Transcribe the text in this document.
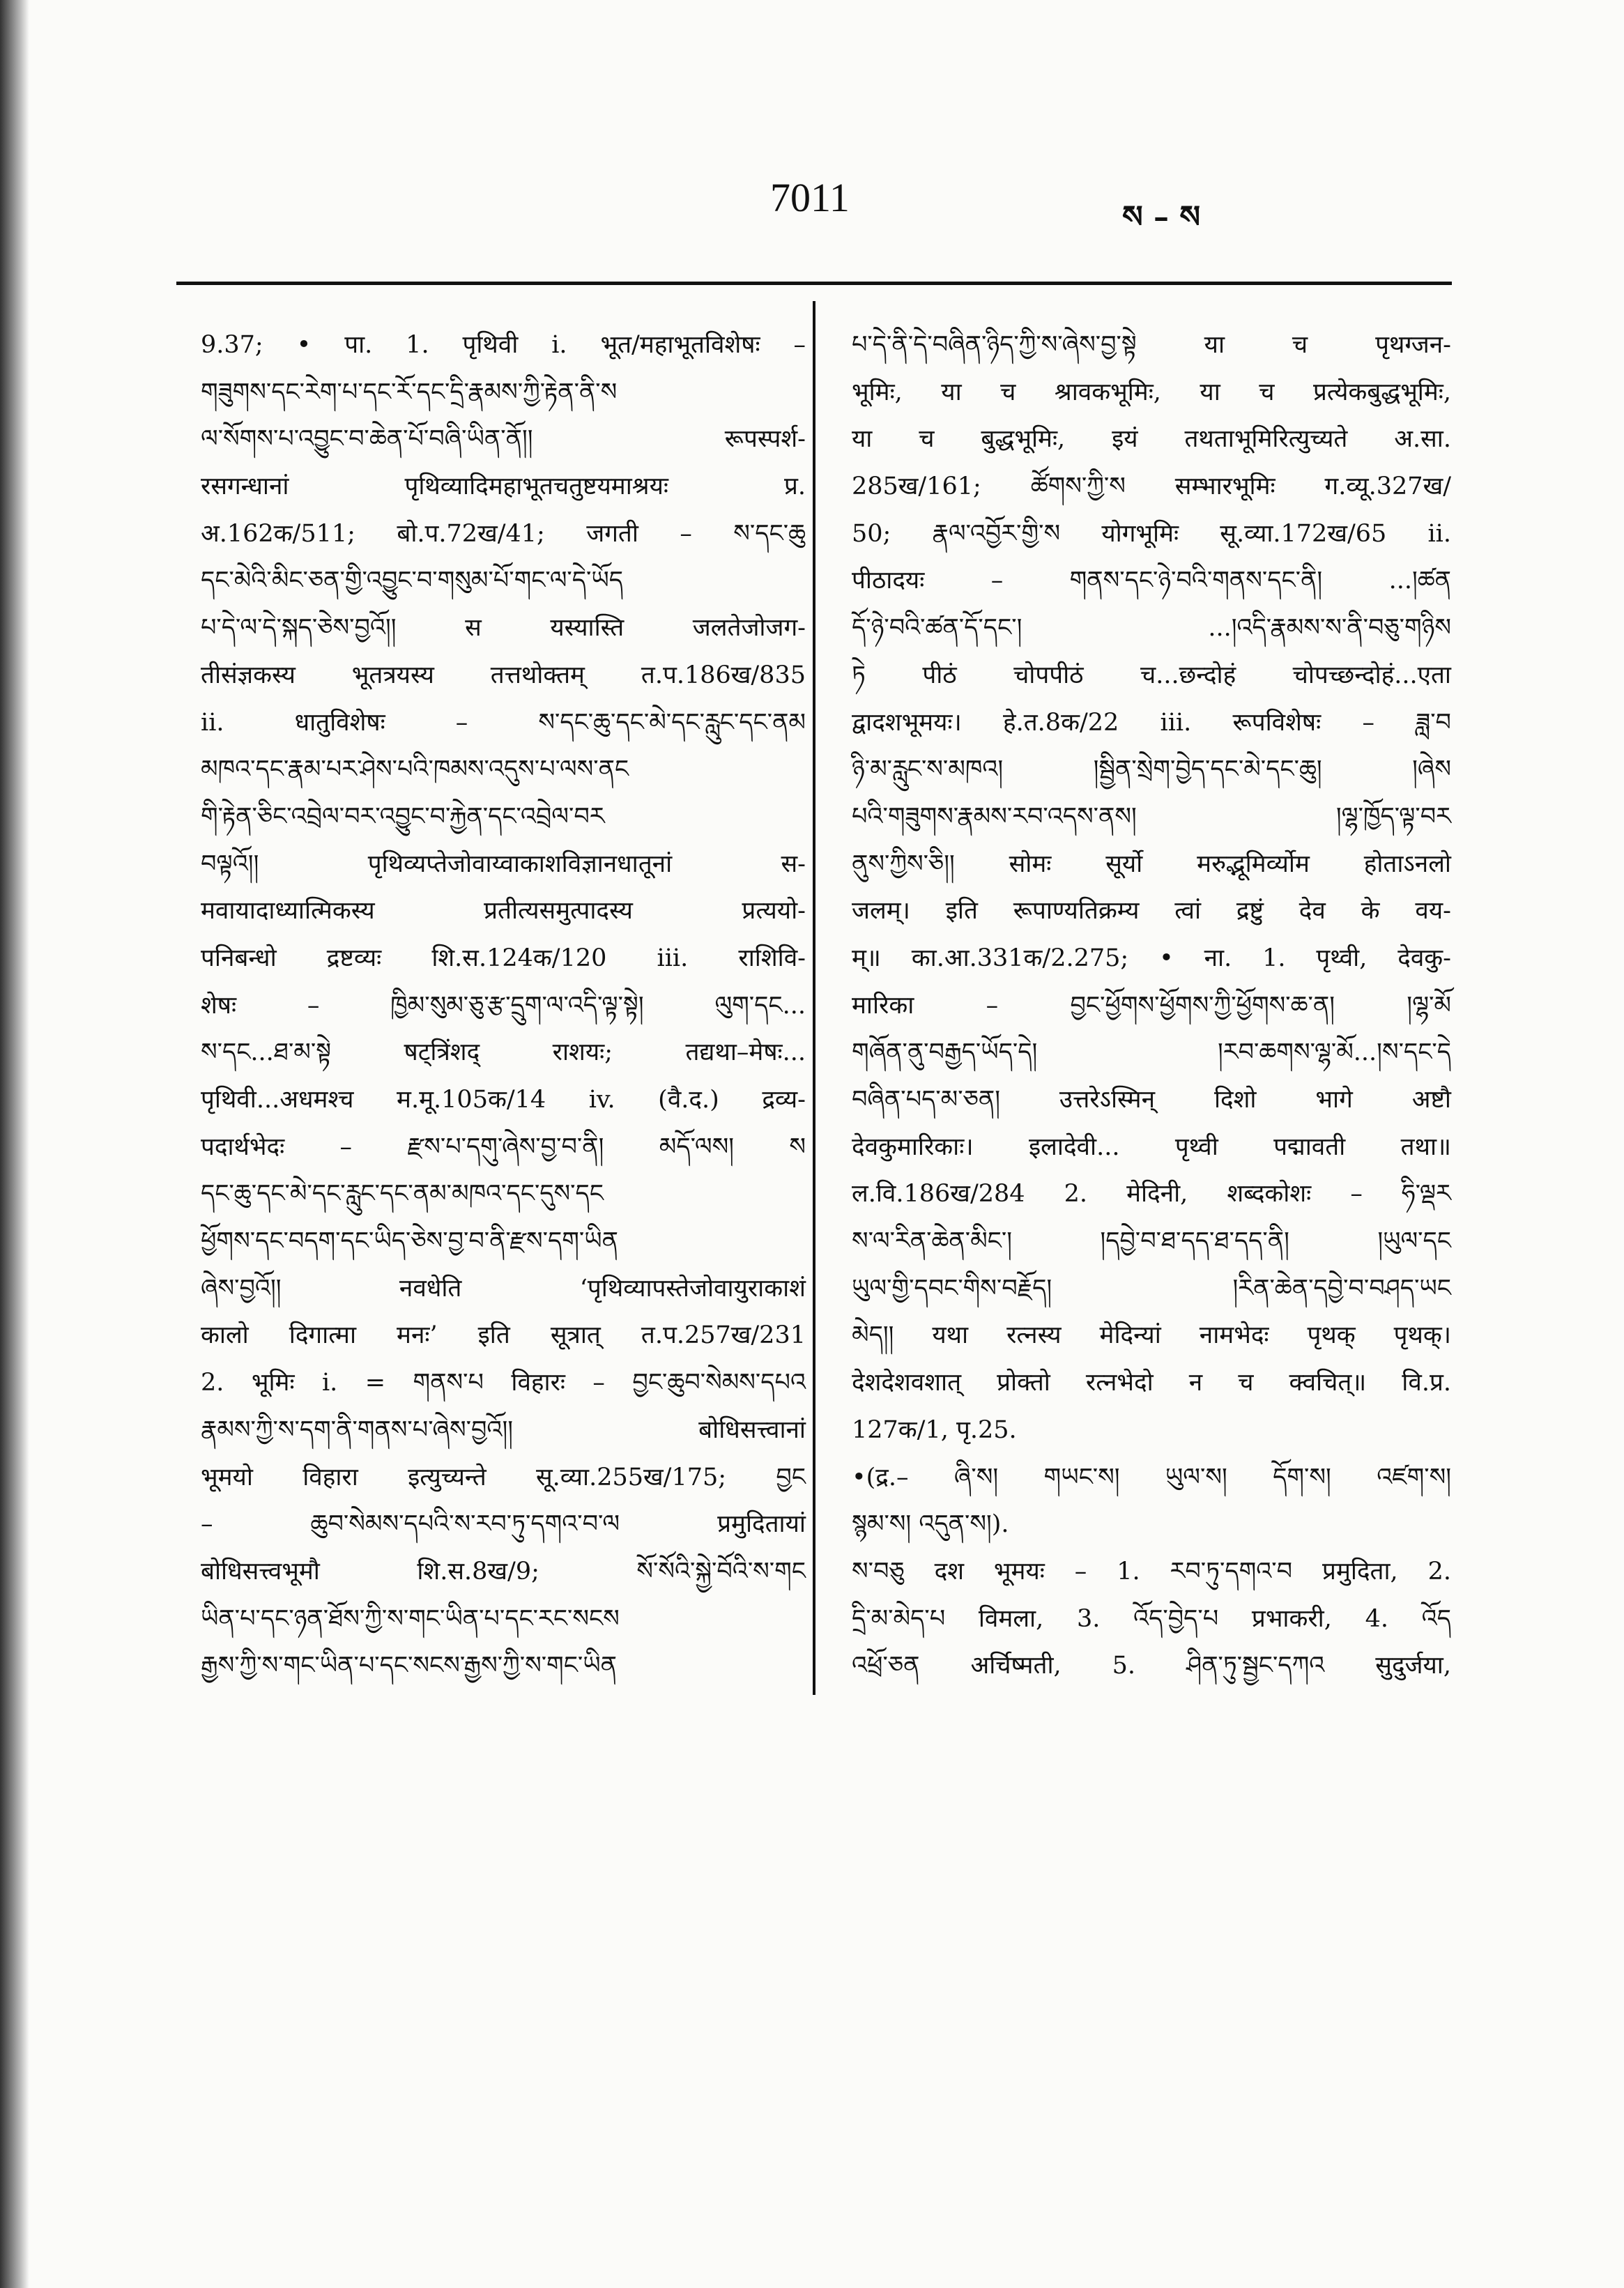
7011	ས – ས
9.37; • पा. 1. पृथिवी i. भूत/महाभूतविशेषः –
གཟུགས་དང་རེག་པ་དང་རོ་དང་དྲི་རྣམས་ཀྱི་རྟེན་ནི་ས
ལ་སོགས་པ་འབྱུང་བ་ཆེན་པོ་བཞི་ཡིན་ནོ།། रूपस्पर्श-
रसगन्धानां पृथिव्यादिमहाभूतचतुष्टयमाश्रयः प्र.
अ.162क/511; बो.प.72ख/41; जगती – ས་དང་ཆུ
དང་མེའི་མིང་ཅན་གྱི་འབྱུང་བ་གསུམ་པོ་གང་ལ་དེ་ཡོད
པ་དེ་ལ་དེ་སྐད་ཅེས་བྱའོ།། स यस्यास्ति जलतेजोजग-
तीसंज्ञकस्य भूतत्रयस्य तत्तथोक्तम् त.प.186ख/835
ii. धातुविशेषः – ས་དང་ཆུ་དང་མེ་དང་རླུང་དང་ནམ
མཁའ་དང་རྣམ་པར་ཤེས་པའི་ཁམས་འདུས་པ་ལས་ནང
གི་རྟེན་ཅིང་འབྲེལ་བར་འབྱུང་བ་རྐྱེན་དང་འབྲེལ་བར
བལྟའོ།། पृथिव्यप्तेजोवाय्वाकाशविज्ञानधातूनां स-
मवायादाध्यात्मिकस्य प्रतीत्यसमुत्पादस्य प्रत्ययो-
पनिबन्धो द्रष्टव्यः शि.स.124क/120 iii. राशिवि-
शेषः – ཁྱིམ་སུམ་ཅུ་རྩ་དྲུག་ལ་འདི་ལྟ་སྟེ། ལུག་དང...
ས་དང...ཐ་མ་སྟེ षट्त्रिंशद् राशयः; तद्यथा–मेषः...
पृथिवी...अधमश्च म.मू.105क/14 iv. (वै.द.) द्रव्य-
पदार्थभेदः – རྫས་པ་དགུ་ཞེས་བྱ་བ་ནི། མདོ་ལས། ས
དང་ཆུ་དང་མེ་དང་རླུང་དང་ནམ་མཁའ་དང་དུས་དང
ཕྱོགས་དང་བདག་དང་ཡིད་ཅེས་བྱ་བ་ནི་རྫས་དག་ཡིན
ཞེས་བྱའོ།། नवधेति ‘पृथिव्यापस्तेजोवायुराकाशं
कालो दिगात्मा मनः’ इति सूत्रात् त.प.257ख/231
2. भूमिः i. = གནས་པ विहारः – བྱང་ཆུབ་སེམས་དཔའ
རྣམས་ཀྱི་ས་དག་ནི་གནས་པ་ཞེས་བྱའོ།། बोधिसत्त्वानां
भूमयो विहारा इत्युच्यन्ते सू.व्या.255ख/175; བྱང
– ཆུབ་སེམས་དཔའི་ས་རབ་ཏུ་དགའ་བ་ལ प्रमुदितायां
बोधिसत्त्वभूमौ शि.स.8ख/9; སོ་སོའི་སྐྱེ་བོའི་ས་གང
ཡིན་པ་དང་ཉན་ཐོས་ཀྱི་ས་གང་ཡིན་པ་དང་རང་སངས
རྒྱས་ཀྱི་ས་གང་ཡིན་པ་དང་སངས་རྒྱས་ཀྱི་ས་གང་ཡིན
པ་དེ་ནི་དེ་བཞིན་ཉིད་ཀྱི་ས་ཞེས་བྱ་སྟེ या च पृथग्जन-
भूमिः, या च श्रावकभूमिः, या च प्रत्येकबुद्धभूमिः,
या च बुद्धभूमिः, इयं तथताभूमिरित्युच्यते अ.सा.
285ख/161; ཚོགས་ཀྱི་ས सम्भारभूमिः ग.व्यू.327ख/
50; རྣལ་འབྱོར་གྱི་ས योगभूमिः सू.व्या.172ख/65 ii.
पीठादयः – གནས་དང་ཉེ་བའི་གནས་དང་ནི། ...།ཚན
དོ་ཉེ་བའི་ཚན་དོ་དང་། ...།འདི་རྣམས་ས་ནི་བཅུ་གཉིས
ཏེ पीठं चोपपीठं च...छन्दोहं चोपच्छन्दोहं...एता
द्वादशभूमयः। हे.त.8क/22 iii. रूपविशेषः – ཟླ་བ
ཉི་མ་རླུང་ས་མཁའ། །སྦྱིན་སྲེག་བྱེད་དང་མེ་དང་ཆུ། །ཞེས
པའི་གཟུགས་རྣམས་རབ་འདས་ནས། །ལྷ་ཁྱོད་ལྟ་བར
ནུས་ཀྱིས་ཅི།། सोमः सूर्यो मरुद्भूमिर्व्योम होताऽनलो
जलम्। इति रूपाण्यतिक्रम्य त्वां द्रष्टुं देव के वय-
म्॥ का.आ.331क/2.275; • ना. 1. पृथ्वी, देवकु-
मारिका – བྱང་ཕྱོགས་ཕྱོགས་ཀྱི་ཕྱོགས་ཆ་ན། །ལྷ་མོ
གཞོན་ནུ་བརྒྱད་ཡོད་དེ། །རབ་ཆགས་ལྷ་མོ...།ས་དང་དེ
བཞིན་པད་མ་ཅན། उत्तरेऽस्मिन् दिशो भागे अष्टौ
देवकुमारिकाः। इलादेवी... पृथ्वी पद्मावती तथा॥
ल.वि.186ख/284 2. मेदिनी, शब्दकोशः – ཧི་ལྡར
ས་ལ་རིན་ཆེན་མིང་། །དབྱེ་བ་ཐ་དད་ཐ་དད་ནི། །ཡུལ་དང
ཡུལ་གྱི་དབང་གིས་བརྗོད། །རིན་ཆེན་དབྱེ་བ་བཤད་ཡང
མེད།། यथा रत्नस्य मेदिन्यां नामभेदः पृथक् पृथक्।
देशदेशवशात् प्रोक्तो रत्नभेदो न च क्वचित्॥ वि.प्र.
127क/1, पृ.25.
•(द्र.– ཞི་ས། གཡང་ས། ཡུལ་ས། དོག་ས། འཛག་ས།
སྙམ་ས། འདུན་ས།).
ས་བཅུ दश भूमयः – 1. རབ་ཏུ་དགའ་བ प्रमुदिता, 2.
དྲི་མ་མེད་པ विमला, 3. འོད་བྱེད་པ प्रभाकरी, 4. འོད
འཕྲོ་ཅན अर्चिष्मती, 5. ཤིན་ཏུ་སྦྱང་དཀའ सुदुर्जया,
